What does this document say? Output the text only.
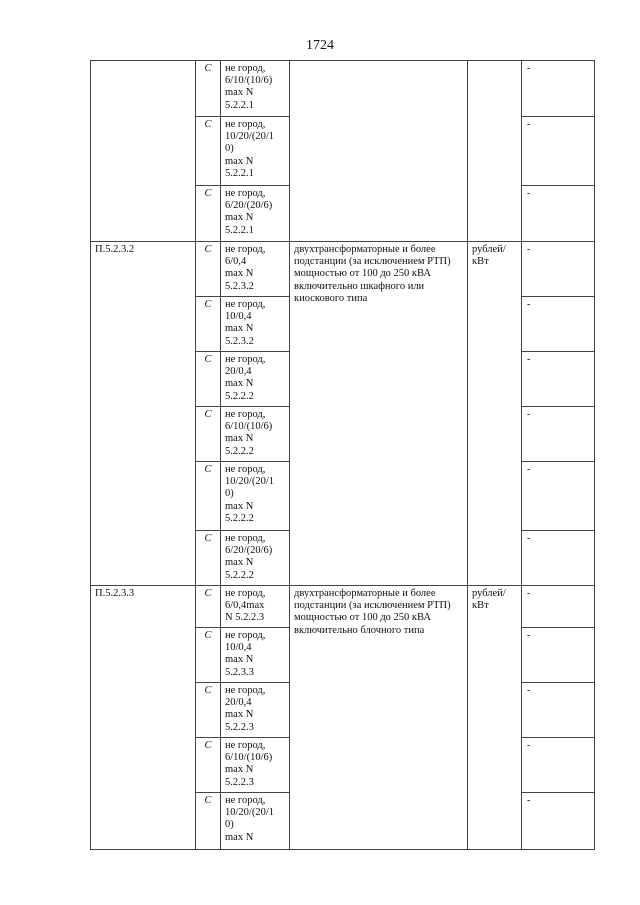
1724
	С	не город,
6/10/(10/6)
max N
5.2.2.1			-
	С	не город,
10/20/(20/1
0)
max N
5.2.2.1			-
	С	не город,
6/20/(20/6)
max N
5.2.2.1			-
П.5.2.3.2	С	не город,
6/0,4
max N
5.2.3.2	двухтрансформаторные и более подстанции (за исключением РТП) мощностью от 100 до 250 кВА включительно шкафного или киоскового типа	рублей/кВт	-
	С	не город,
10/0,4
max N
5.2.3.2			-
	С	не город,
20/0,4
max N
5.2.2.2			-
	С	не город,
6/10/(10/6)
max N
5.2.2.2			-
	С	не город,
10/20/(20/1
0)
max N
5.2.2.2			-
	С	не город,
6/20/(20/6)
max N
5.2.2.2			-
П.5.2.3.3	С	не город,
6/0,4max
N 5.2.2.3	двухтрансформаторные и более подстанции (за исключением РТП) мощностью от 100 до 250 кВА включительно блочного типа	рублей/кВт	-
	С	не город,
10/0,4
max N
5.2.3.3			-
	С	не город,
20/0,4
max N
5.2.2.3			-
	С	не город,
6/10/(10/6)
max N
5.2.2.3			-
	С	не город,
10/20/(20/1
0)
max N			-
